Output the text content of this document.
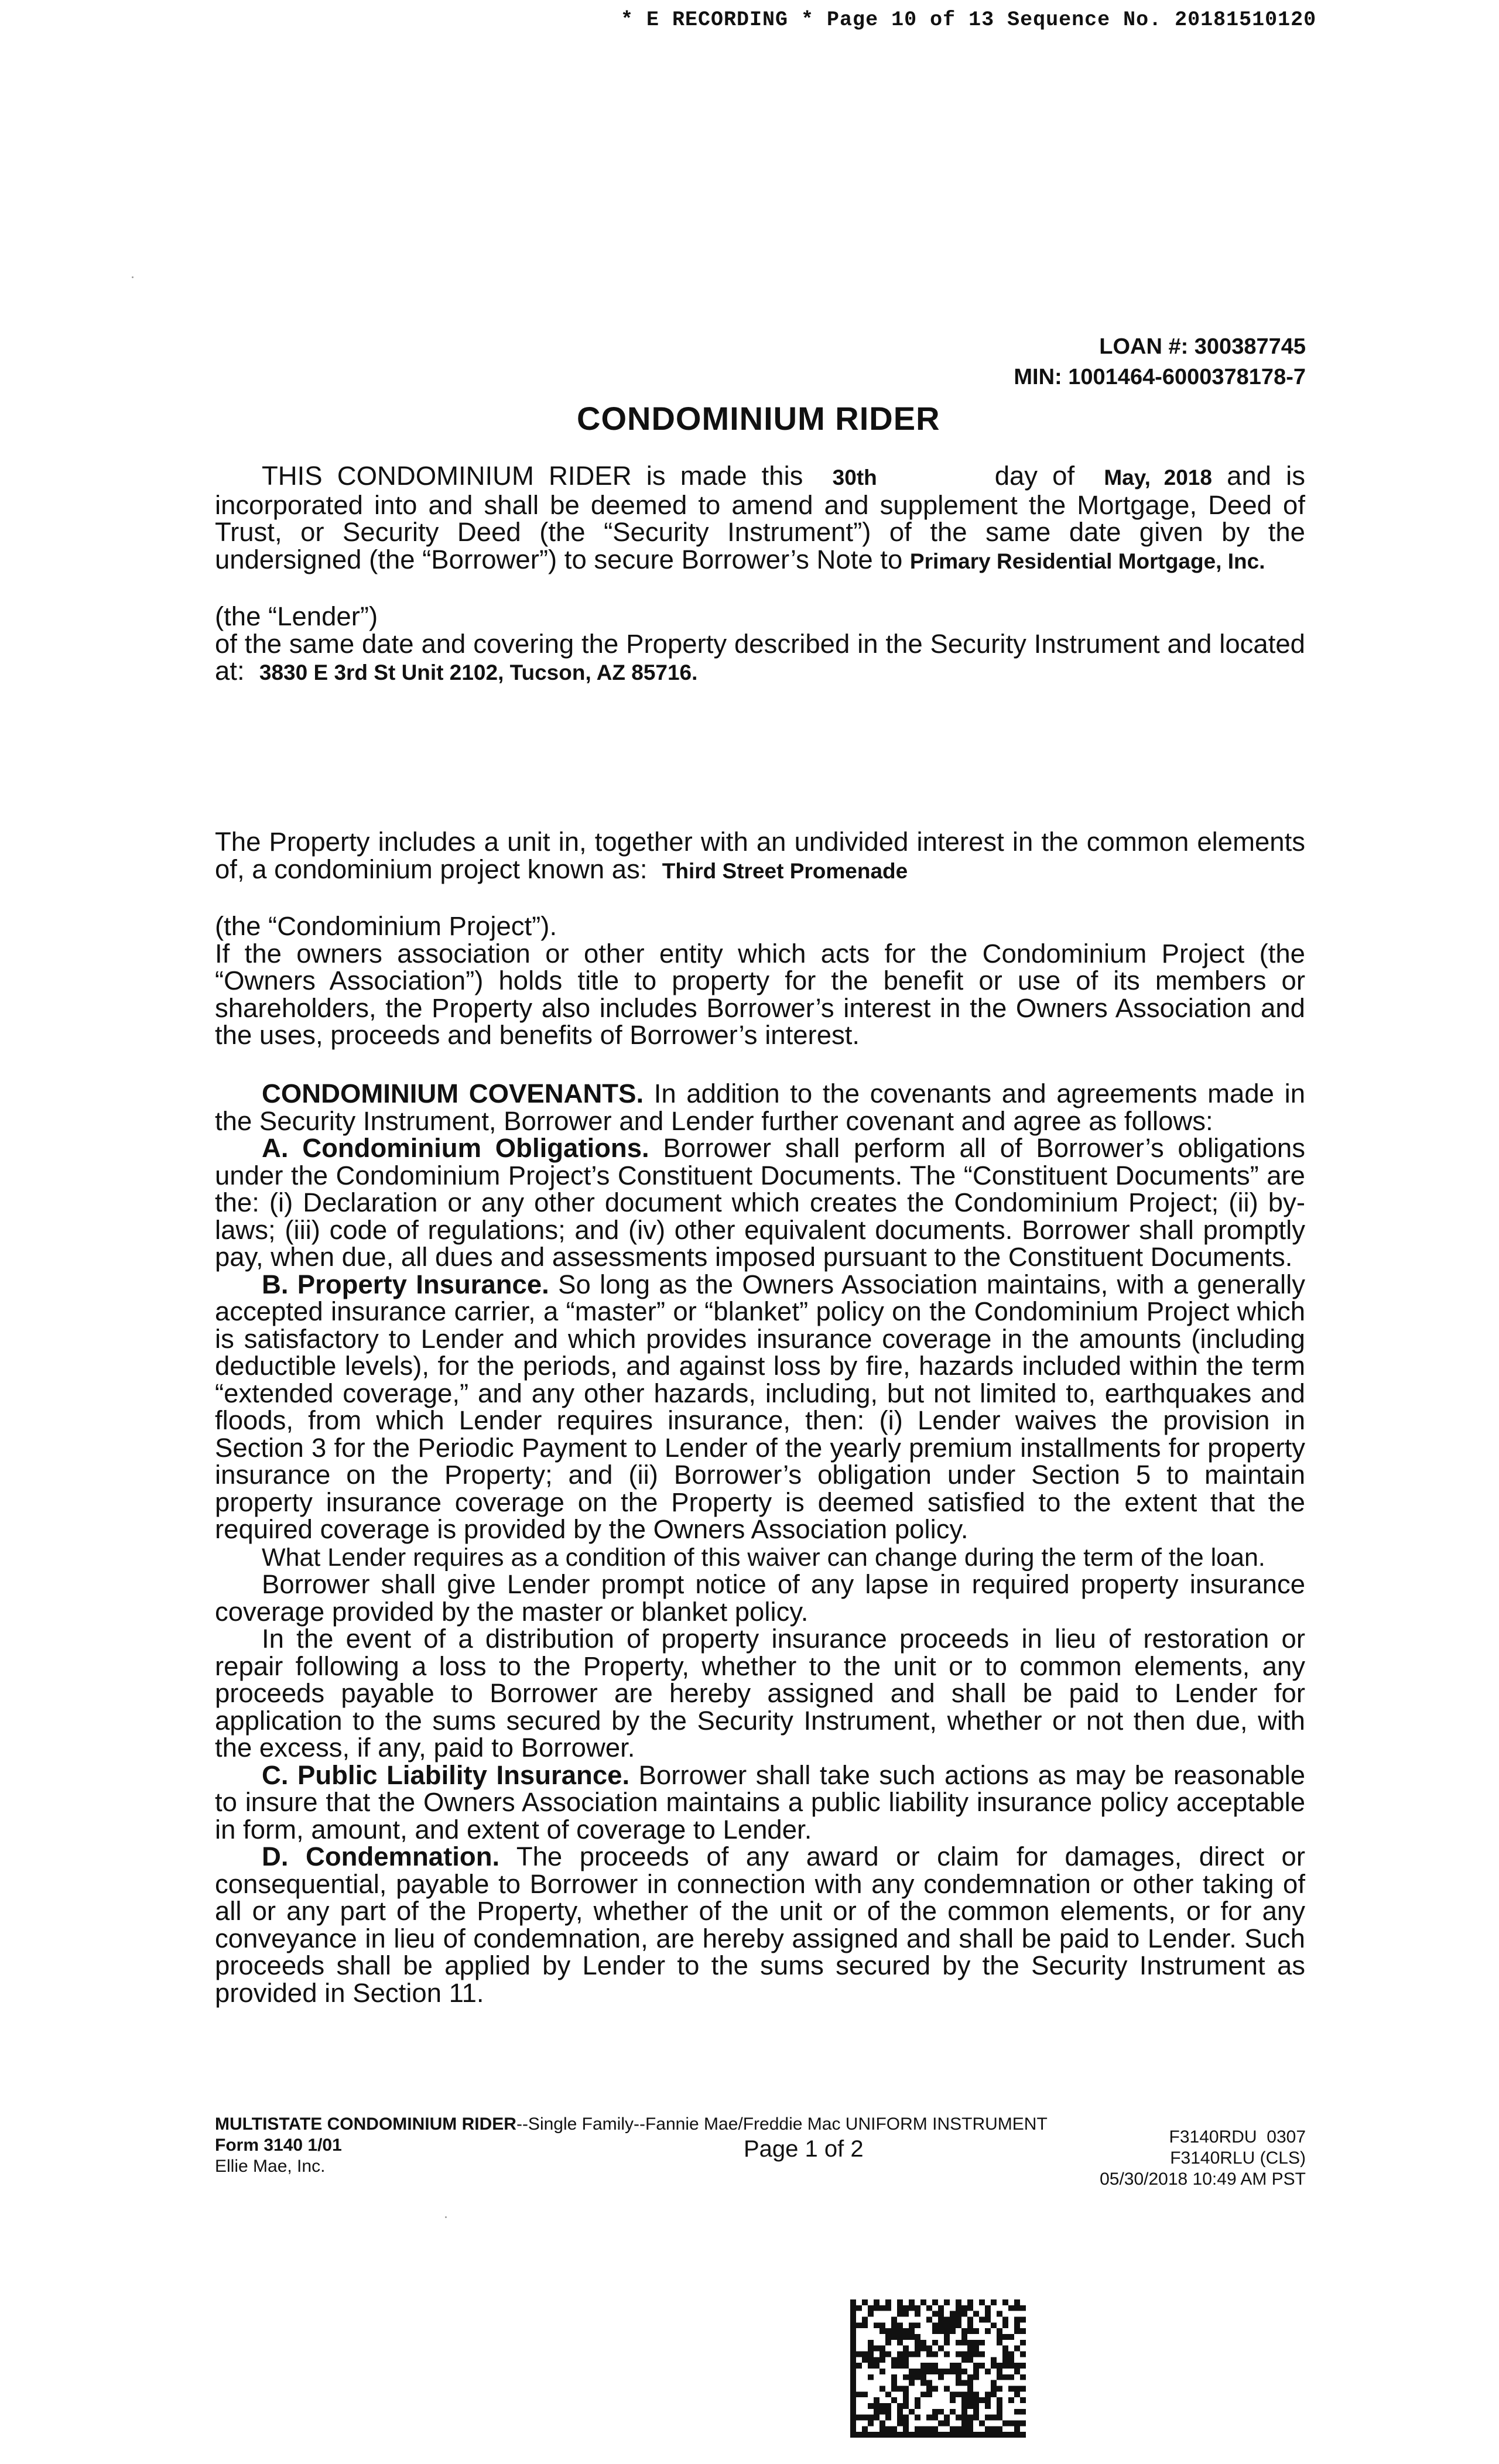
* E RECORDING * Page 10 of 13 Sequence No. 20181510120
LOAN #: 300387745
MIN: 1001464-6000378178-7
CONDOMINIUM RIDER
THIS CONDOMINIUM RIDER is made this 30th	day of May, 2018 and is incorporated into and shall be deemed to amend and supplement the Mortgage, Deed of Trust, or Security Deed (the “Security Instrument”) of the same date given by the undersigned (the “Borrower”) to secure Borrower’s Note to Primary Residential Mortgage, Inc.
(the “Lender”)
of the same date and covering the Property described in the Security Instrument and located at: 3830 E 3rd St Unit 2102, Tucson, AZ 85716.
The Property includes a unit in, together with an undivided interest in the common elements of, a condominium project known as: Third Street Promenade
(the “Condominium Project”).
If the owners association or other entity which acts for the Condominium Project (the “Owners Association”) holds title to property for the benefit or use of its members or shareholders, the Property also includes Borrower’s interest in the Owners Association and the uses, proceeds and benefits of Borrower’s interest.

CONDOMINIUM COVENANTS. In addition to the covenants and agreements made in the Security Instrument, Borrower and Lender further covenant and agree as follows:

A. Condominium Obligations. Borrower shall perform all of Borrower’s obligations under the Condominium Project’s Constituent Documents. The “Constituent Documents” are the: (i) Declaration or any other document which creates the Condominium Project; (ii) by-laws; (iii) code of regulations; and (iv) other equivalent documents. Borrower shall promptly pay, when due, all dues and assessments imposed pursuant to the Constituent Documents.

B. Property Insurance. So long as the Owners Association maintains, with a generally accepted insurance carrier, a “master” or “blanket” policy on the Condominium Project which is satisfactory to Lender and which provides insurance coverage in the amounts (including deductible levels), for the periods, and against loss by fire, hazards included within the term “extended coverage,” and any other hazards, including, but not limited to, earthquakes and floods, from which Lender requires insurance, then: (i) Lender waives the provision in Section 3 for the Periodic Payment to Lender of the yearly premium installments for property insurance on the Property; and (ii) Borrower’s obligation under Section 5 to maintain property insurance coverage on the Property is deemed satisfied to the extent that the required coverage is provided by the Owners Association policy.

What Lender requires as a condition of this waiver can change during the term of the loan.

Borrower shall give Lender prompt notice of any lapse in required property insurance coverage provided by the master or blanket policy.

In the event of a distribution of property insurance proceeds in lieu of restoration or repair following a loss to the Property, whether to the unit or to common elements, any proceeds payable to Borrower are hereby assigned and shall be paid to Lender for application to the sums secured by the Security Instrument, whether or not then due, with the excess, if any, paid to Borrower.

C. Public Liability Insurance. Borrower shall take such actions as may be reasonable to insure that the Owners Association maintains a public liability insurance policy acceptable in form, amount, and extent of coverage to Lender.

D. Condemnation. The proceeds of any award or claim for damages, direct or consequential, payable to Borrower in connection with any condemnation or other taking of all or any part of the Property, whether of the unit or of the common elements, or for any conveyance in lieu of condemnation, are hereby assigned and shall be paid to Lender. Such proceeds shall be applied by Lender to the sums secured by the Security Instrument as provided in Section 11.

MULTISTATE CONDOMINIUM RIDER--Single Family--Fannie Mae/Freddie Mac UNIFORM INSTRUMENT
Form 3140 1/01
Ellie Mae, Inc.
Page 1 of 2	F3140RDU  0307
F3140RLU (CLS)
05/30/2018 10:49 AM PST
